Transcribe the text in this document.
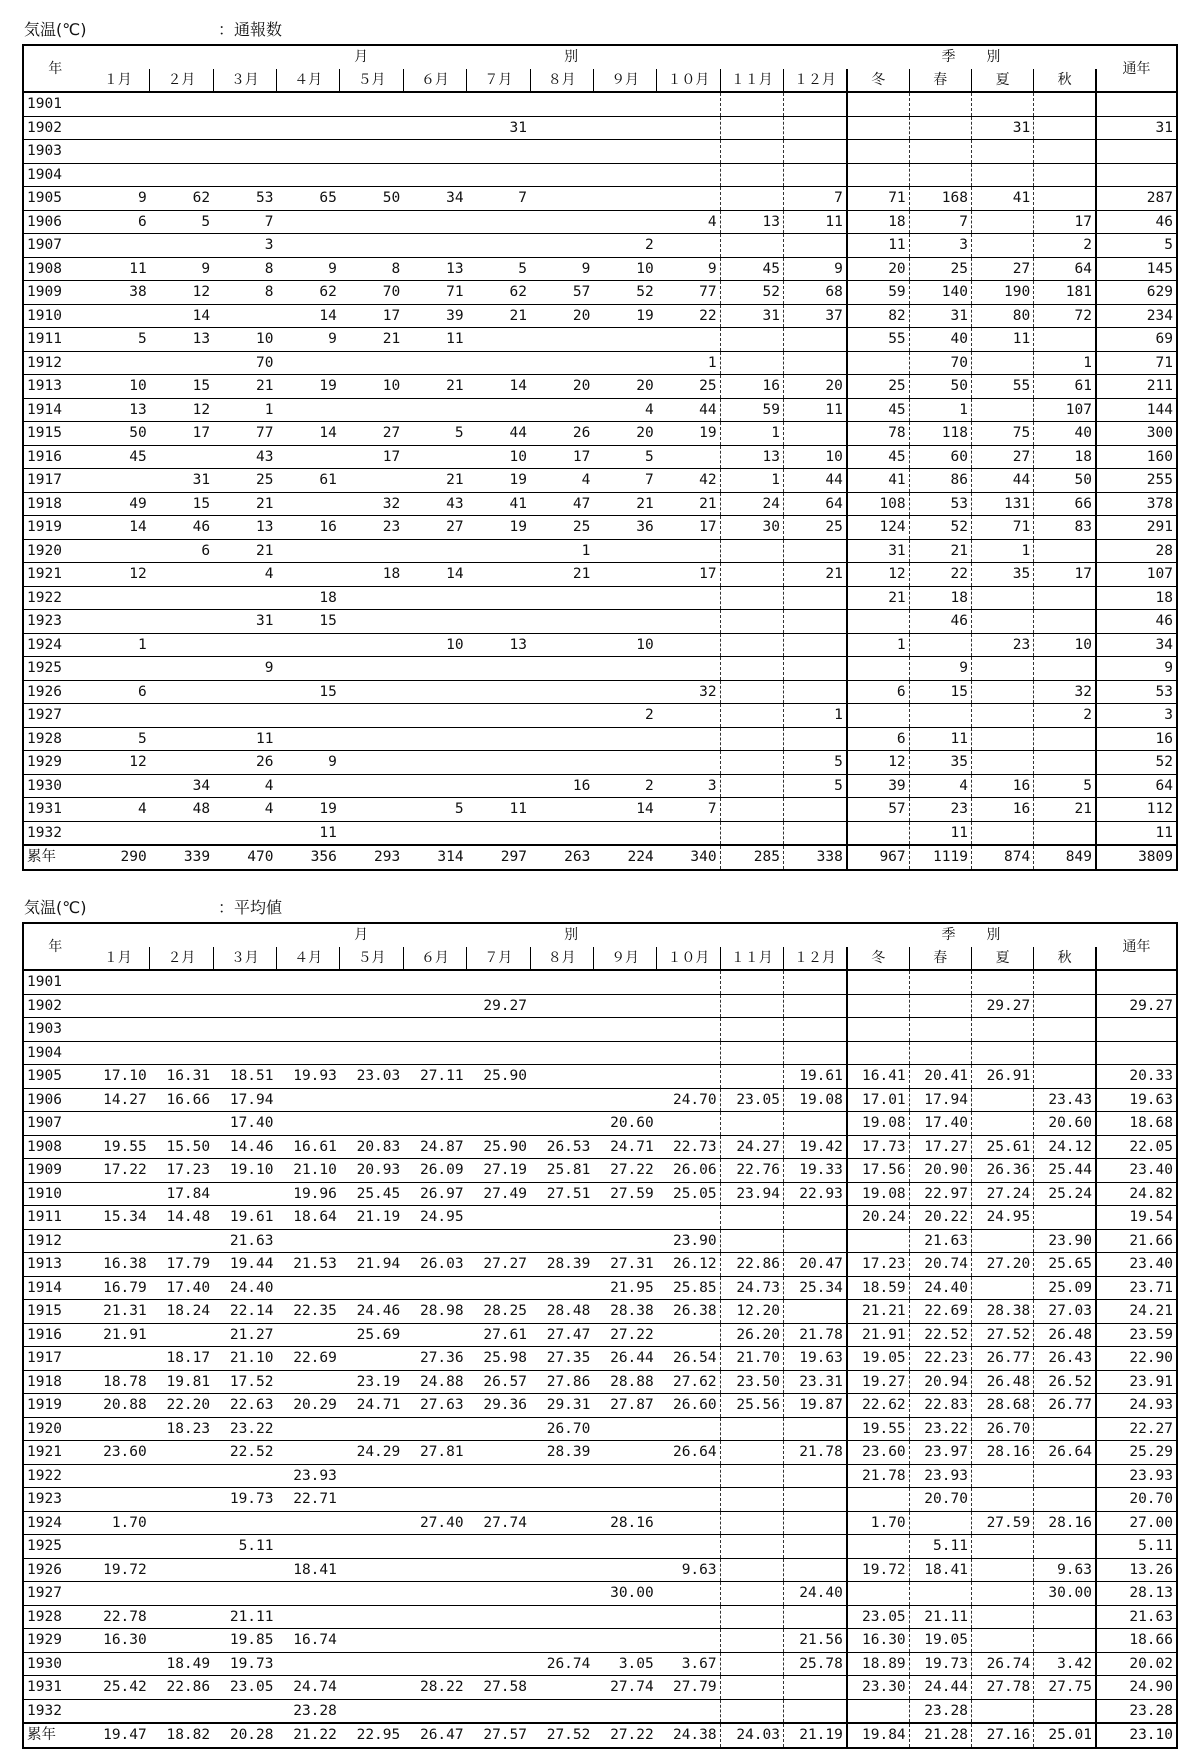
気温(℃)	：通報数
年	月　　　　　　　　　　　　　別												季　　別				通年
	１月	２月	３月	４月	５月	６月	７月	８月	９月	１０月	１１月	１２月	冬	春	夏	秋	
1901																	
1902							31								31		31
1903																	
1904																	
1905	9	62	53	65	50	34	7					7	71	168	41		287
1906	6	5	7							4	13	11	18	7		17	46
1907			3						2				11	3		2	5
1908	11	9	8	9	8	13	5	9	10	9	45	9	20	25	27	64	145
1909	38	12	8	62	70	71	62	57	52	77	52	68	59	140	190	181	629
1910		14		14	17	39	21	20	19	22	31	37	82	31	80	72	234
1911	5	13	10	9	21	11							55	40	11		69
1912			70							1				70		1	71
1913	10	15	21	19	10	21	14	20	20	25	16	20	25	50	55	61	211
1914	13	12	1						4	44	59	11	45	1		107	144
1915	50	17	77	14	27	5	44	26	20	19	1		78	118	75	40	300
1916	45		43		17		10	17	5		13	10	45	60	27	18	160
1917		31	25	61		21	19	4	7	42	1	44	41	86	44	50	255
1918	49	15	21		32	43	41	47	21	21	24	64	108	53	131	66	378
1919	14	46	13	16	23	27	19	25	36	17	30	25	124	52	71	83	291
1920		6	21					1					31	21	1		28
1921	12		4		18	14		21		17		21	12	22	35	17	107
1922				18									21	18			18
1923			31	15										46			46
1924	1					10	13		10				1		23	10	34
1925			9											9			9
1926	6			15						32			6	15		32	53
1927									2			1				2	3
1928	5		11										6	11			16
1929	12		26	9								5	12	35			52
1930		34	4					16	2	3		5	39	4	16	5	64
1931	4	48	4	19		5	11		14	7			57	23	16	21	112
1932				11										11			11
累年	290	339	470	356	293	314	297	263	224	340	285	338	967	1119	874	849	3809
気温(℃)	：平均値
年	月　　　　　　　　　　　　　別												季　　別				通年
	１月	２月	３月	４月	５月	６月	７月	８月	９月	１０月	１１月	１２月	冬	春	夏	秋	
1901																	
1902							29.27								29.27		29.27
1903																	
1904																	
1905	17.10	16.31	18.51	19.93	23.03	27.11	25.90					19.61	16.41	20.41	26.91		20.33
1906	14.27	16.66	17.94							24.70	23.05	19.08	17.01	17.94		23.43	19.63
1907			17.40						20.60				19.08	17.40		20.60	18.68
1908	19.55	15.50	14.46	16.61	20.83	24.87	25.90	26.53	24.71	22.73	24.27	19.42	17.73	17.27	25.61	24.12	22.05
1909	17.22	17.23	19.10	21.10	20.93	26.09	27.19	25.81	27.22	26.06	22.76	19.33	17.56	20.90	26.36	25.44	23.40
1910		17.84		19.96	25.45	26.97	27.49	27.51	27.59	25.05	23.94	22.93	19.08	22.97	27.24	25.24	24.82
1911	15.34	14.48	19.61	18.64	21.19	24.95							20.24	20.22	24.95		19.54
1912			21.63							23.90				21.63		23.90	21.66
1913	16.38	17.79	19.44	21.53	21.94	26.03	27.27	28.39	27.31	26.12	22.86	20.47	17.23	20.74	27.20	25.65	23.40
1914	16.79	17.40	24.40						21.95	25.85	24.73	25.34	18.59	24.40		25.09	23.71
1915	21.31	18.24	22.14	22.35	24.46	28.98	28.25	28.48	28.38	26.38	12.20		21.21	22.69	28.38	27.03	24.21
1916	21.91		21.27		25.69		27.61	27.47	27.22		26.20	21.78	21.91	22.52	27.52	26.48	23.59
1917		18.17	21.10	22.69		27.36	25.98	27.35	26.44	26.54	21.70	19.63	19.05	22.23	26.77	26.43	22.90
1918	18.78	19.81	17.52		23.19	24.88	26.57	27.86	28.88	27.62	23.50	23.31	19.27	20.94	26.48	26.52	23.91
1919	20.88	22.20	22.63	20.29	24.71	27.63	29.36	29.31	27.87	26.60	25.56	19.87	22.62	22.83	28.68	26.77	24.93
1920		18.23	23.22					26.70					19.55	23.22	26.70		22.27
1921	23.60		22.52		24.29	27.81		28.39		26.64		21.78	23.60	23.97	28.16	26.64	25.29
1922				23.93									21.78	23.93			23.93
1923			19.73	22.71										20.70			20.70
1924	1.70					27.40	27.74		28.16				1.70		27.59	28.16	27.00
1925			5.11											5.11			5.11
1926	19.72			18.41						9.63			19.72	18.41		9.63	13.26
1927									30.00			24.40				30.00	28.13
1928	22.78		21.11										23.05	21.11			21.63
1929	16.30		19.85	16.74								21.56	16.30	19.05			18.66
1930		18.49	19.73					26.74	3.05	3.67		25.78	18.89	19.73	26.74	3.42	20.02
1931	25.42	22.86	23.05	24.74		28.22	27.58		27.74	27.79			23.30	24.44	27.78	27.75	24.90
1932				23.28										23.28			23.28
累年	19.47	18.82	20.28	21.22	22.95	26.47	27.57	27.52	27.22	24.38	24.03	21.19	19.84	21.28	27.16	25.01	23.10
